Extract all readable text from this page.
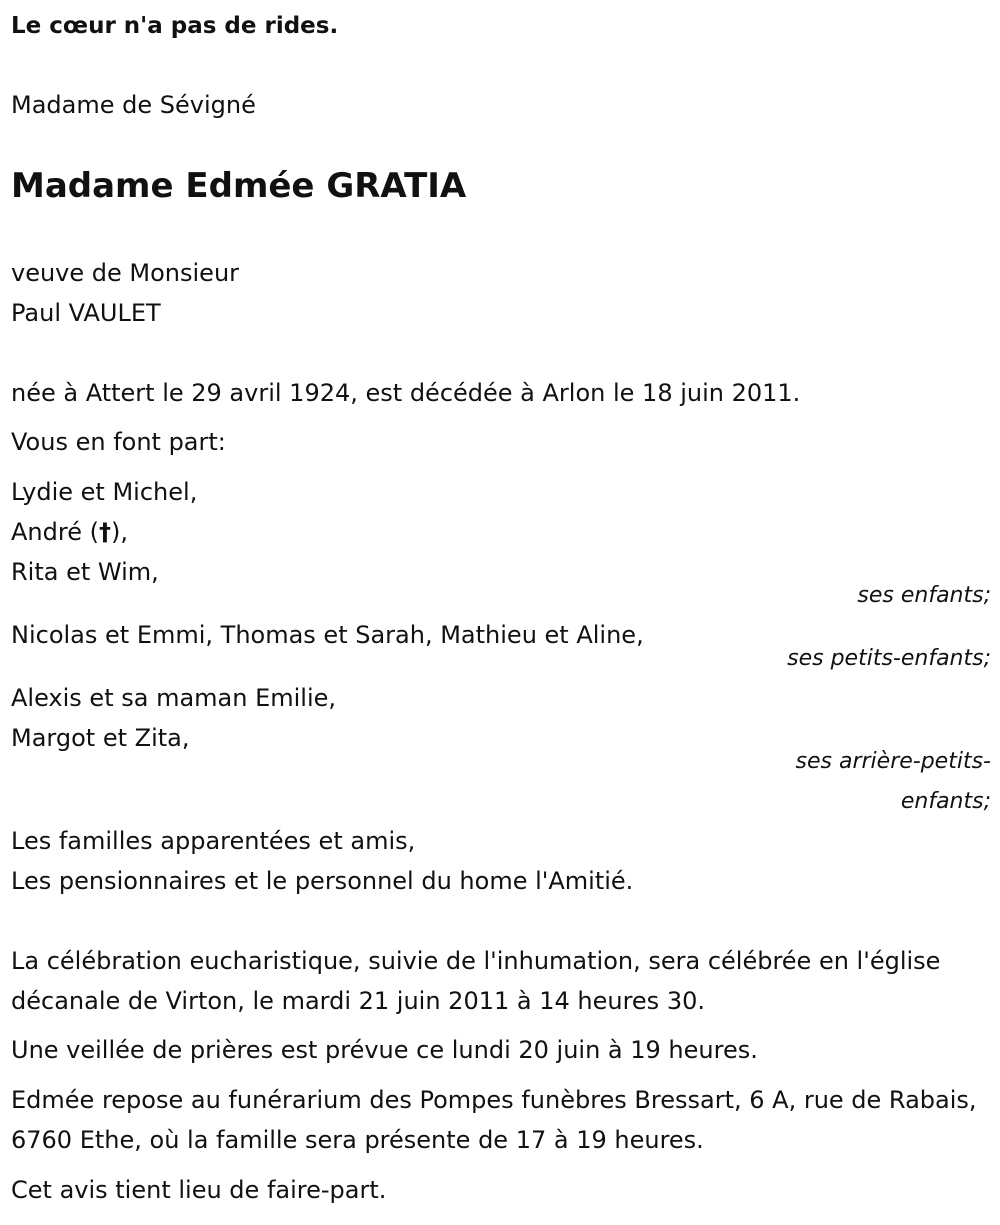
Le cœur n'a pas de rides.
Madame de Sévigné
Madame Edmée GRATIA
veuve de Monsieur
Paul VAULET
née à Attert le 29 avril 1924, est décédée à Arlon le 18 juin 2011.
Vous en font part:
Lydie et Michel,
André (†),
Rita et Wim,
ses enfants;
Nicolas et Emmi, Thomas et Sarah, Mathieu et Aline,
ses petits-enfants;
Alexis et sa maman Emilie,
Margot et Zita,
ses arrière-petits-
enfants;
Les familles apparentées et amis,
Les pensionnaires et le personnel du home l'Amitié.
La célébration eucharistique, suivie de l'inhumation, sera célébrée en l'église décanale de Virton, le mardi 21 juin 2011 à 14 heures 30.
Une veillée de prières est prévue ce lundi 20 juin à 19 heures.
Edmée repose au funérarium des Pompes funèbres Bressart, 6 A, rue de Rabais, 6760 Ethe, où la famille sera présente de 17 à 19 heures.
Cet avis tient lieu de faire-part.
